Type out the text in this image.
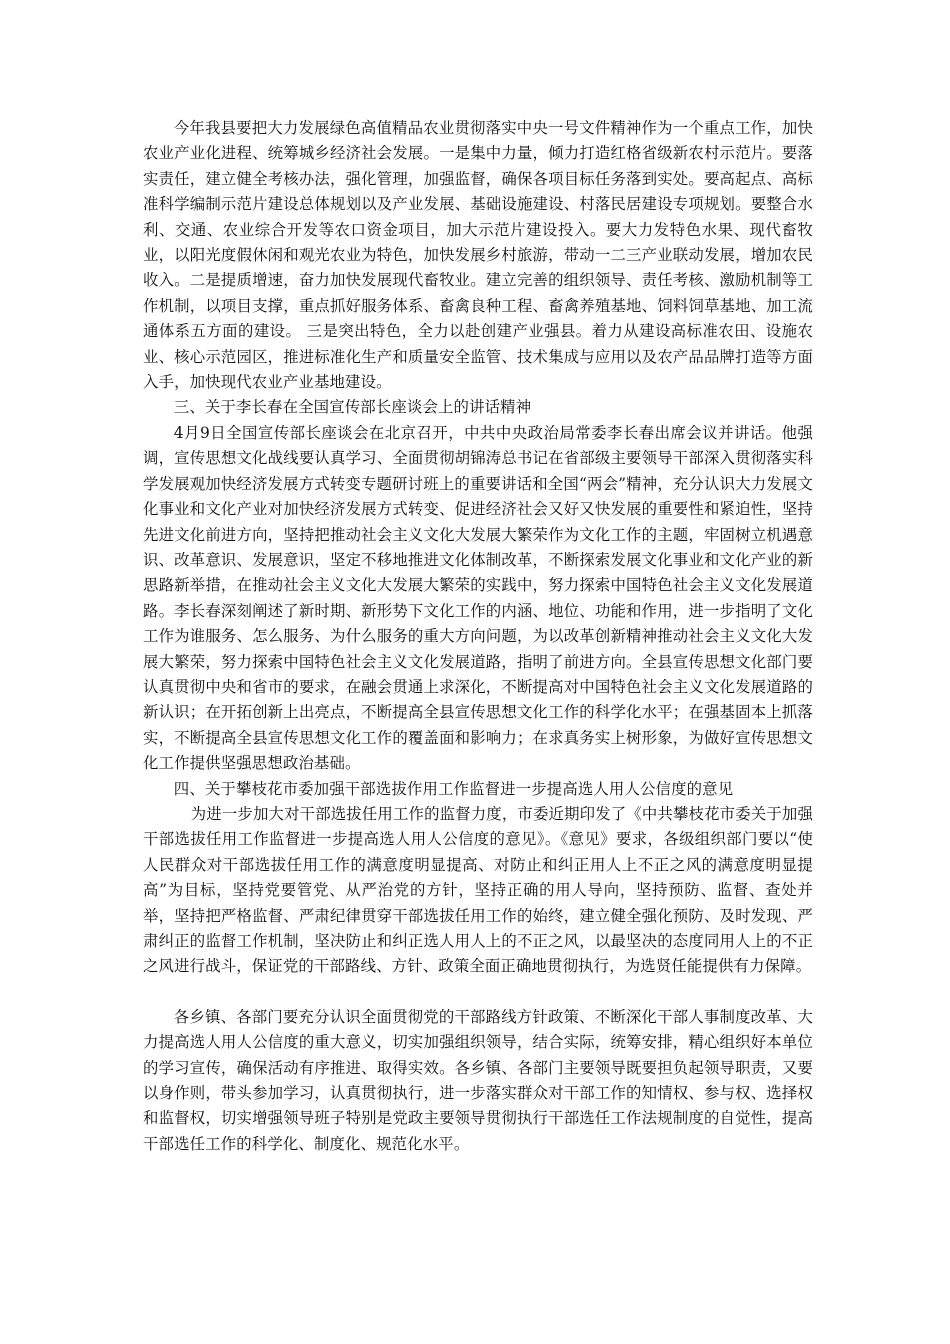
今年我县要把大力发展绿色高值精品农业贯彻落实中央一号文件精神作为一个重点工作，加快农业产业化进程、统筹城乡经济社会发展。一是集中力量，倾力打造红格省级新农村示范片。要落实责任，建立健全考核办法，强化管理，加强监督，确保各项目标任务落到实处。要高起点、高标准科学编制示范片建设总体规划以及产业发展、基础设施建设、村落民居建设专项规划。要整合水利、交通、农业综合开发等农口资金项目，加大示范片建设投入。要大力发特色水果、现代畜牧业，以阳光度假休闲和观光农业为特色，加快发展乡村旅游，带动一二三产业联动发展，增加农民收入。二是提质增速，奋力加快发展现代畜牧业。建立完善的组织领导、责任考核、激励机制等工作机制，以项目支撑，重点抓好服务体系、畜禽良种工程、畜禽养殖基地、饲料饲草基地、加工流通体系五方面的建设。 三是突出特色，全力以赴创建产业强县。着力从建设高标准农田、设施农业、核心示范园区，推进标准化生产和质量安全监管、技术集成与应用以及农产品品牌打造等方面入手，加快现代农业产业基地建设。

三、关于李长春在全国宣传部长座谈会上的讲话精神

4月9日全国宣传部长座谈会在北京召开，中共中央政治局常委李长春出席会议并讲话。他强调，宣传思想文化战线要认真学习、全面贯彻胡锦涛总书记在省部级主要领导干部深入贯彻落实科学发展观加快经济发展方式转变专题研讨班上的重要讲话和全国“两会”精神，充分认识大力发展文化事业和文化产业对加快经济发展方式转变、促进经济社会又好又快发展的重要性和紧迫性，坚持先进文化前进方向，坚持把推动社会主义文化大发展大繁荣作为文化工作的主题，牢固树立机遇意识、改革意识、发展意识，坚定不移地推进文化体制改革，不断探索发展文化事业和文化产业的新思路新举措，在推动社会主义文化大发展大繁荣的实践中，努力探索中国特色社会主义文化发展道路。李长春深刻阐述了新时期、新形势下文化工作的内涵、地位、功能和作用，进一步指明了文化工作为谁服务、怎么服务、为什么服务的重大方向问题，为以改革创新精神推动社会主义文化大发展大繁荣，努力探索中国特色社会主义文化发展道路，指明了前进方向。全县宣传思想文化部门要认真贯彻中央和省市的要求，在融会贯通上求深化，不断提高对中国特色社会主义文化发展道路的新认识；在开拓创新上出亮点，不断提高全县宣传思想文化工作的科学化水平；在强基固本上抓落实，不断提高全县宣传思想文化工作的覆盖面和影响力；在求真务实上树形象，为做好宣传思想文化工作提供坚强思想政治基础。

四、关于攀枝花市委加强干部选拔作用工作监督进一步提高选人用人公信度的意见

为进一步加大对干部选拔任用工作的监督力度，市委近期印发了《中共攀枝花市委关于加强干部选拔任用工作监督进一步提高选人用人公信度的意见》。《意见》要求，各级组织部门要以“使人民群众对干部选拔任用工作的满意度明显提高、对防止和纠正用人上不正之风的满意度明显提高”为目标，坚持党要管党、从严治党的方针，坚持正确的用人导向，坚持预防、监督、查处并举，坚持把严格监督、严肃纪律贯穿干部选拔任用工作的始终，建立健全强化预防、及时发现、严肃纠正的监督工作机制，坚决防止和纠正选人用人上的不正之风，以最坚决的态度同用人上的不正之风进行战斗，保证党的干部路线、方针、政策全面正确地贯彻执行，为选贤任能提供有力保障。

各乡镇、各部门要充分认识全面贯彻党的干部路线方针政策、不断深化干部人事制度改革、大力提高选人用人公信度的重大意义，切实加强组织领导，结合实际，统筹安排，精心组织好本单位的学习宣传，确保活动有序推进、取得实效。各乡镇、各部门主要领导既要担负起领导职责，又要以身作则，带头参加学习，认真贯彻执行，进一步落实群众对干部工作的知情权、参与权、选择权和监督权，切实增强领导班子特别是党政主要领导贯彻执行干部选任工作法规制度的自觉性，提高干部选任工作的科学化、制度化、规范化水平。
